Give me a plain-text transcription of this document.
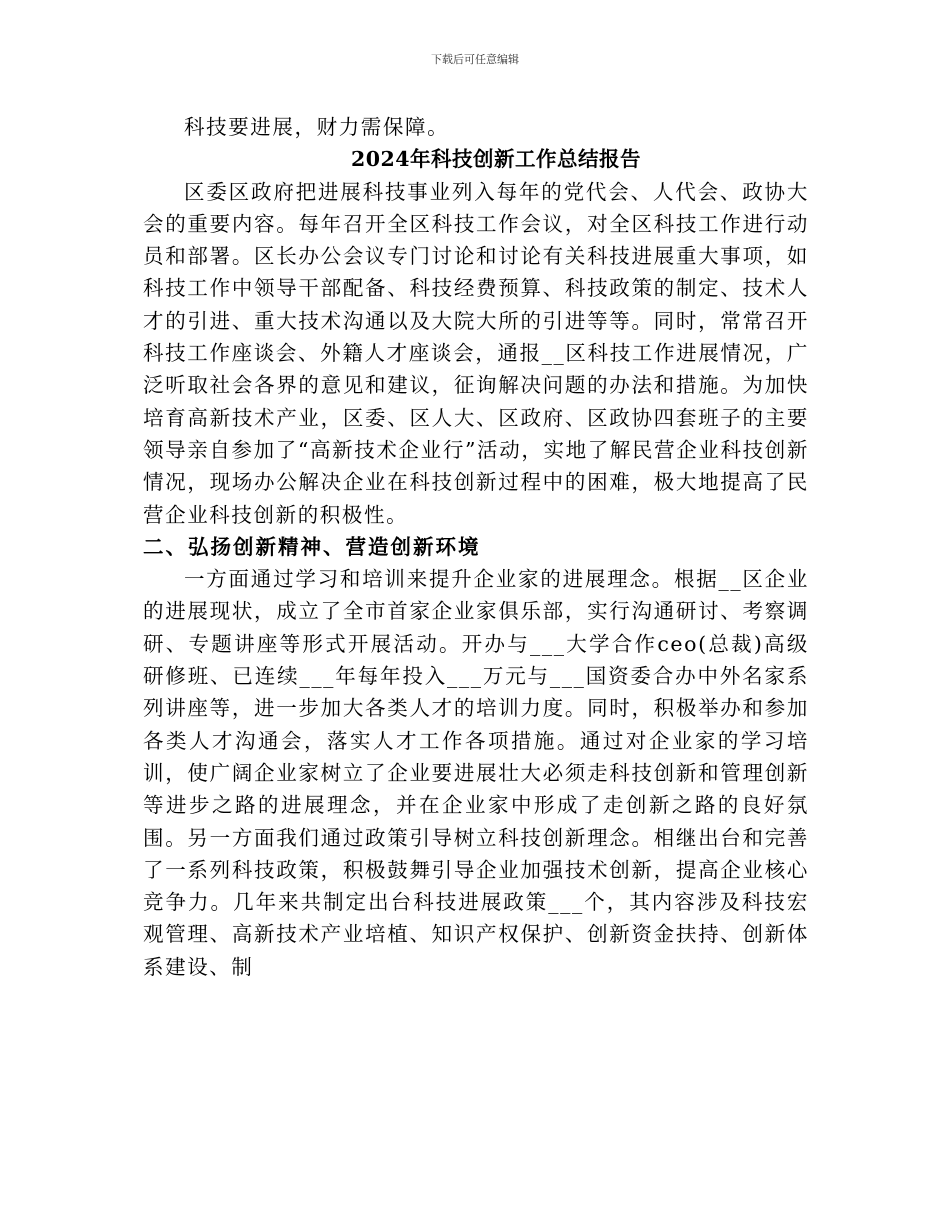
下载后可任意编辑

科技要进展，财力需保障。

2024年科技创新工作总结报告

区委区政府把进展科技事业列入每年的党代会、人代会、政协大会的重要内容。每年召开全区科技工作会议，对全区科技工作进行动员和部署。区长办公会议专门讨论和讨论有关科技进展重大事项，如科技工作中领导干部配备、科技经费预算、科技政策的制定、技术人才的引进、重大技术沟通以及大院大所的引进等等。同时，常常召开科技工作座谈会、外籍人才座谈会，通报__区科技工作进展情况，广泛听取社会各界的意见和建议，征询解决问题的办法和措施。为加快培育高新技术产业，区委、区人大、区政府、区政协四套班子的主要领导亲自参加了“高新技术企业行”活动，实地了解民营企业科技创新情况，现场办公解决企业在科技创新过程中的困难，极大地提高了民营企业科技创新的积极性。

二、弘扬创新精神、营造创新环境

一方面通过学习和培训来提升企业家的进展理念。根据__区企业的进展现状，成立了全市首家企业家俱乐部，实行沟通研讨、考察调研、专题讲座等形式开展活动。开办与___大学合作ceo(总裁)高级研修班、已连续___年每年投入___万元与___国资委合办中外名家系列讲座等，进一步加大各类人才的培训力度。同时，积极举办和参加各类人才沟通会，落实人才工作各项措施。通过对企业家的学习培训，使广阔企业家树立了企业要进展壮大必须走科技创新和管理创新等进步之路的进展理念，并在企业家中形成了走创新之路的良好氛围。另一方面我们通过政策引导树立科技创新理念。相继出台和完善了一系列科技政策，积极鼓舞引导企业加强技术创新，提高企业核心竞争力。几年来共制定出台科技进展政策___个，其内容涉及科技宏观管理、高新技术产业培植、知识产权保护、创新资金扶持、创新体系建设、制
